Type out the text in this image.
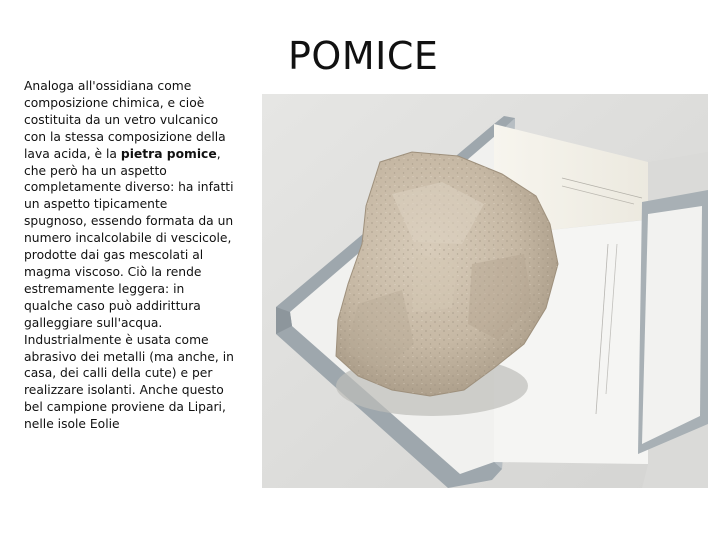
POMICE

Analoga all'ossidiana come composizione chimica, e cioè costituita da un vetro vulcanico con la stessa composizione della lava acida, è la pietra pomice, che però ha un aspetto completamente diverso: ha infatti un aspetto tipicamente spugnoso, essendo formata da un numero incalcolabile di vescicole, prodotte dai gas mescolati al magma viscoso. Ciò la rende estremamente leggera: in qualche caso può addirittura galleggiare sull'acqua. Industrialmente è usata come abrasivo dei metalli (ma anche, in casa, dei calli della cute) e per realizzare isolanti. Anche questo bel campione proviene da Lipari, nelle isole Eolie
